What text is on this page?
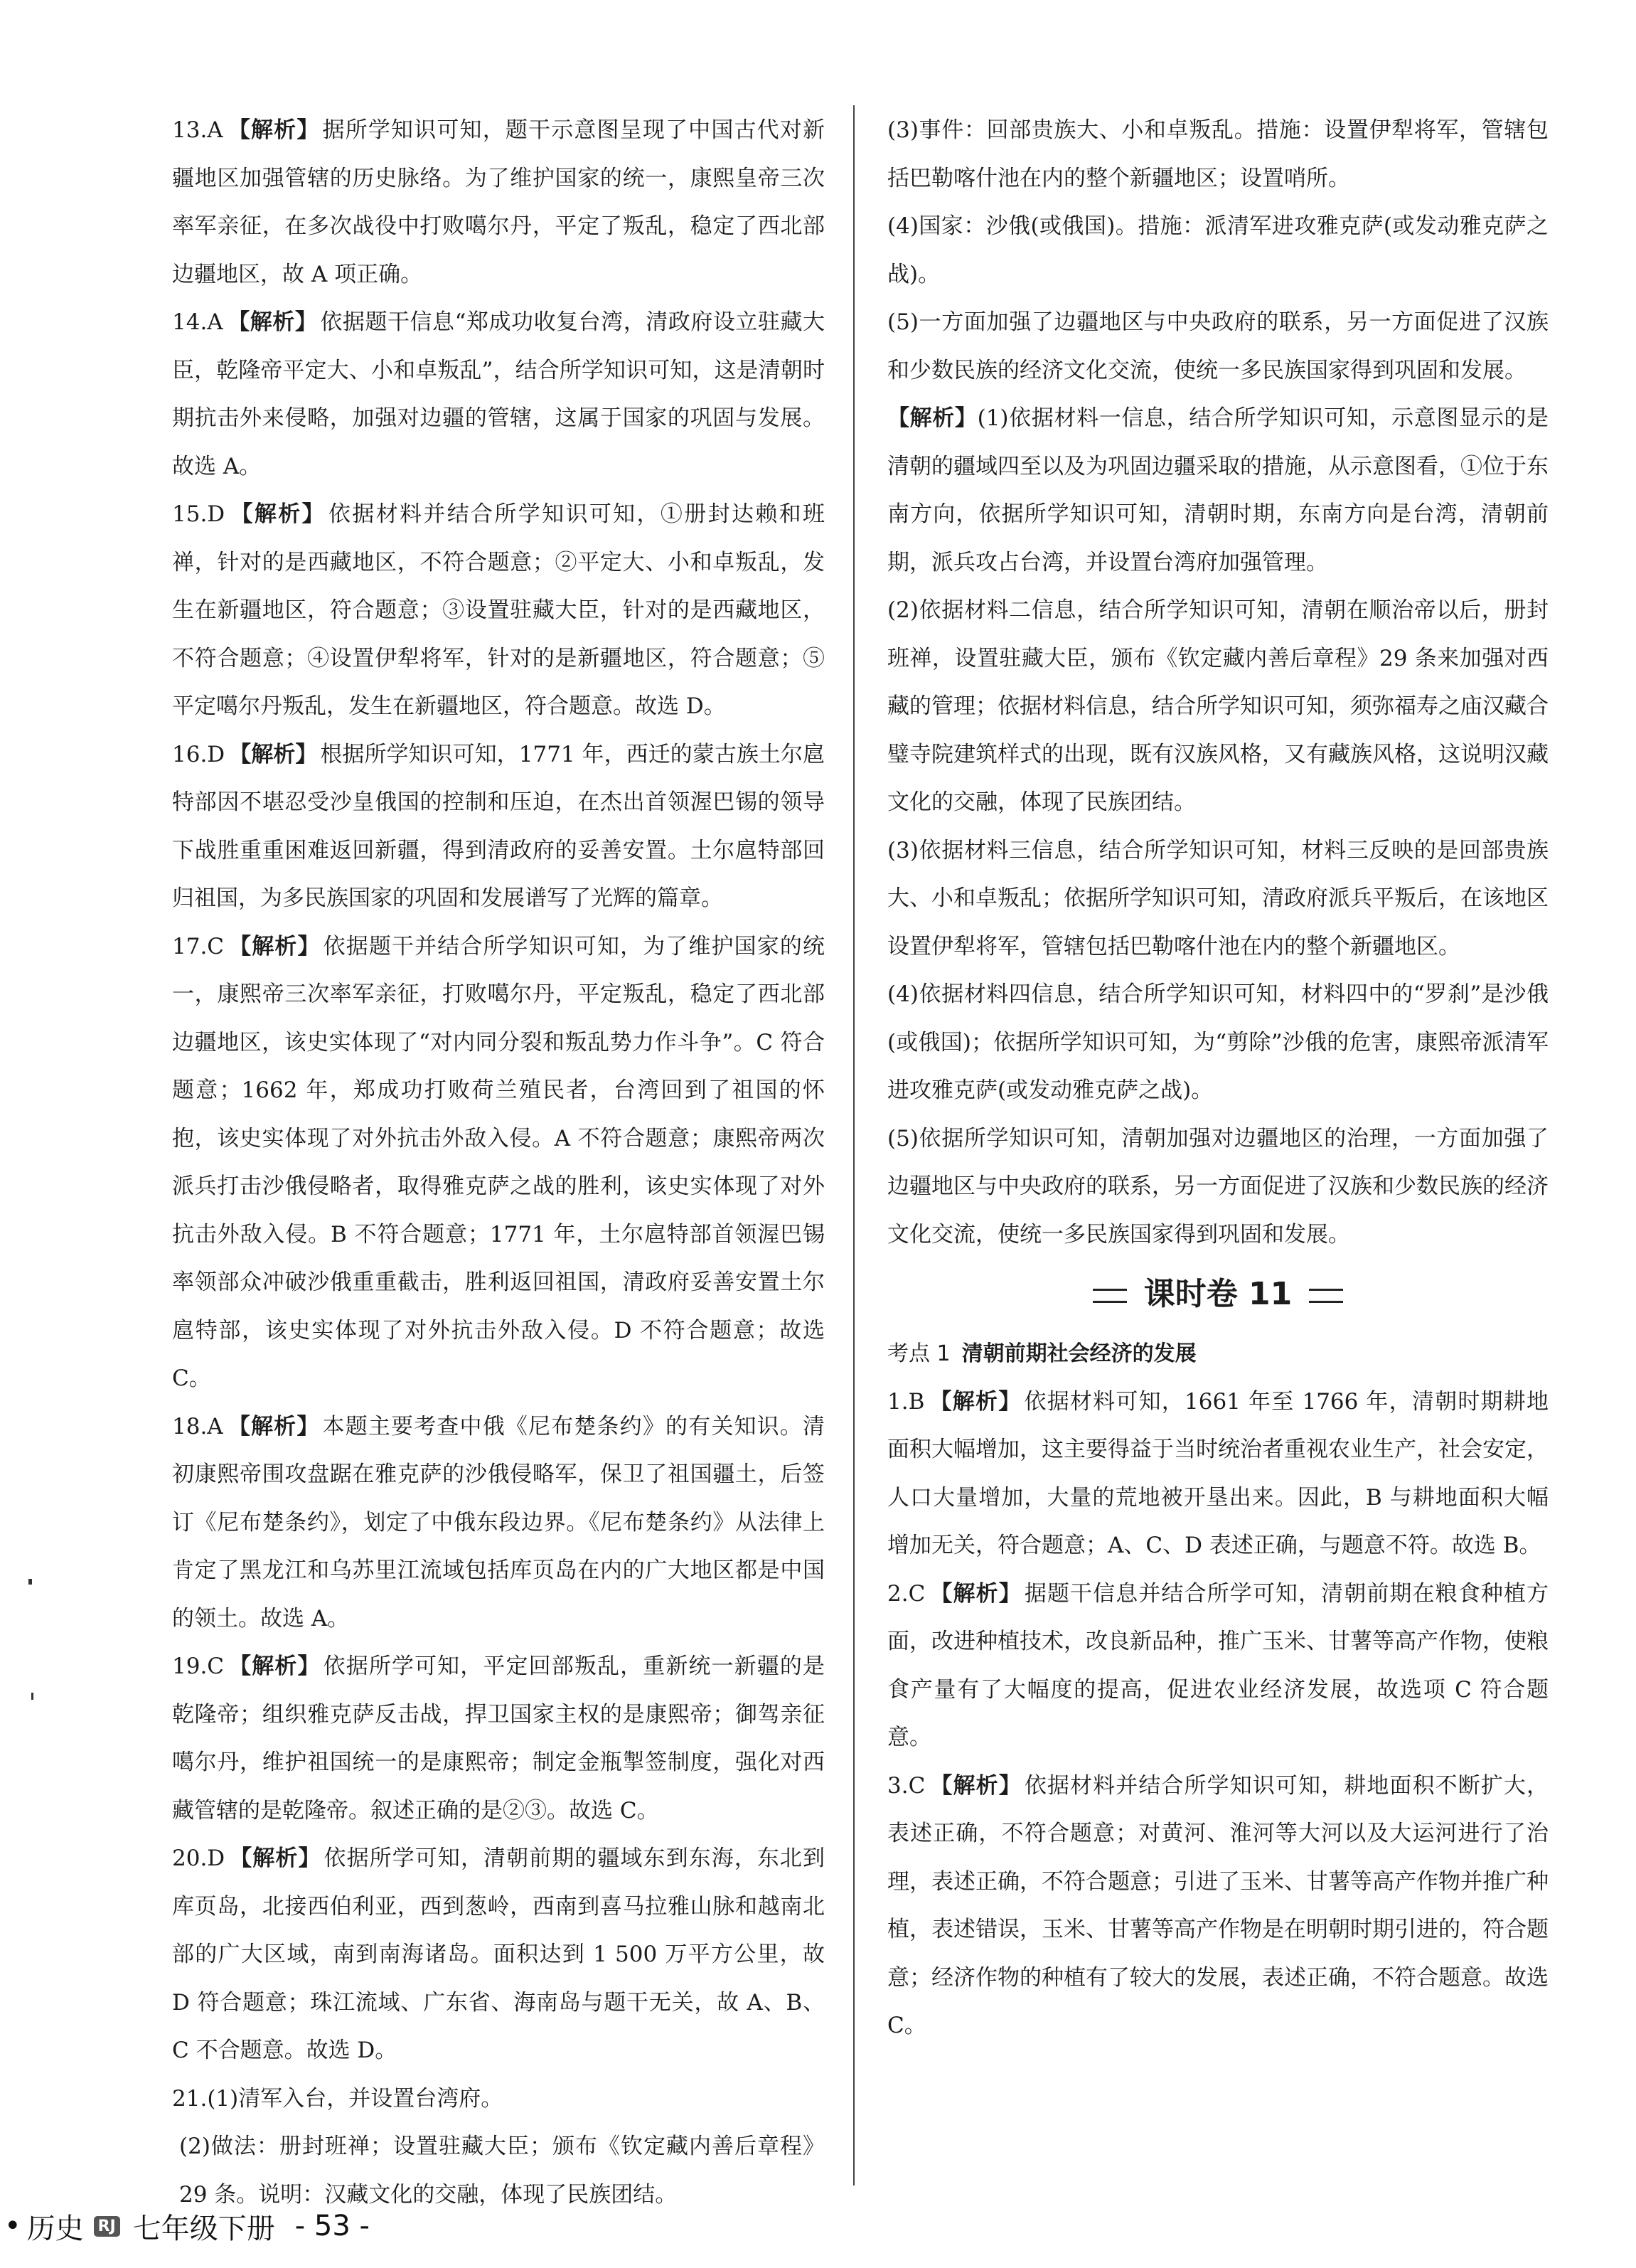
13.A 【解析】 据所学知识可知，题干示意图呈现了中国古代对新疆地区加强管辖的历史脉络。为了维护国家的统一，康熙皇帝三次率军亲征，在多次战役中打败噶尔丹，平定了叛乱，稳定了西北部边疆地区，故 A 项正确。

14.A 【解析】 依据题干信息“郑成功收复台湾，清政府设立驻藏大臣，乾隆帝平定大、小和卓叛乱”，结合所学知识可知，这是清朝时期抗击外来侵略，加强对边疆的管辖，这属于国家的巩固与发展。故选 A。

15.D 【解析】 依据材料并结合所学知识可知，①册封达赖和班禅，针对的是西藏地区，不符合题意；②平定大、小和卓叛乱，发生在新疆地区，符合题意；③设置驻藏大臣，针对的是西藏地区，不符合题意；④设置伊犁将军，针对的是新疆地区，符合题意；⑤平定噶尔丹叛乱，发生在新疆地区，符合题意。故选 D。

16.D 【解析】 根据所学知识可知，1771 年，西迁的蒙古族土尔扈特部因不堪忍受沙皇俄国的控制和压迫，在杰出首领渥巴锡的领导下战胜重重困难返回新疆，得到清政府的妥善安置。土尔扈特部回归祖国，为多民族国家的巩固和发展谱写了光辉的篇章。

17.C 【解析】 依据题干并结合所学知识可知，为了维护国家的统一，康熙帝三次率军亲征，打败噶尔丹，平定叛乱，稳定了西北部边疆地区，该史实体现了“对内同分裂和叛乱势力作斗争”。C 符合题意；1662 年，郑成功打败荷兰殖民者，台湾回到了祖国的怀抱，该史实体现了对外抗击外敌入侵。A 不符合题意；康熙帝两次派兵打击沙俄侵略者，取得雅克萨之战的胜利，该史实体现了对外抗击外敌入侵。B 不符合题意；1771 年，土尔扈特部首领渥巴锡率领部众冲破沙俄重重截击，胜利返回祖国，清政府妥善安置土尔扈特部，该史实体现了对外抗击外敌入侵。D 不符合题意；故选 C。

18.A 【解析】 本题主要考查中俄《尼布楚条约》的有关知识。清初康熙帝围攻盘踞在雅克萨的沙俄侵略军，保卫了祖国疆土，后签订《尼布楚条约》，划定了中俄东段边界。《尼布楚条约》从法律上肯定了黑龙江和乌苏里江流域包括库页岛在内的广大地区都是中国的领土。故选 A。

19.C 【解析】 依据所学可知，平定回部叛乱，重新统一新疆的是乾隆帝；组织雅克萨反击战，捍卫国家主权的是康熙帝；御驾亲征噶尔丹，维护祖国统一的是康熙帝；制定金瓶掣签制度，强化对西藏管辖的是乾隆帝。叙述正确的是②③。故选 C。

20.D 【解析】 依据所学可知，清朝前期的疆域东到东海，东北到库页岛，北接西伯利亚，西到葱岭，西南到喜马拉雅山脉和越南北部的广大区域，南到南海诸岛。面积达到 1 500 万平方公里，故 D 符合题意；珠江流域、广东省、海南岛与题干无关，故 A、B、C 不合题意。故选 D。

21.(1)清军入台，并设置台湾府。

(2)做法：册封班禅；设置驻藏大臣；颁布《钦定藏内善后章程》29 条。说明：汉藏文化的交融，体现了民族团结。

(3)事件：回部贵族大、小和卓叛乱。措施：设置伊犁将军，管辖包括巴勒喀什池在内的整个新疆地区；设置哨所。

(4)国家：沙俄(或俄国)。措施：派清军进攻雅克萨(或发动雅克萨之战)。

(5)一方面加强了边疆地区与中央政府的联系，另一方面促进了汉族和少数民族的经济文化交流，使统一多民族国家得到巩固和发展。

【解析】(1)依据材料一信息，结合所学知识可知，示意图显示的是清朝的疆域四至以及为巩固边疆采取的措施，从示意图看，①位于东南方向，依据所学知识可知，清朝时期，东南方向是台湾，清朝前期，派兵攻占台湾，并设置台湾府加强管理。

(2)依据材料二信息，结合所学知识可知，清朝在顺治帝以后，册封班禅，设置驻藏大臣，颁布《钦定藏内善后章程》29 条来加强对西藏的管理；依据材料信息，结合所学知识可知，须弥福寿之庙汉藏合璧寺院建筑样式的出现，既有汉族风格，又有藏族风格，这说明汉藏文化的交融，体现了民族团结。

(3)依据材料三信息，结合所学知识可知，材料三反映的是回部贵族大、小和卓叛乱；依据所学知识可知，清政府派兵平叛后，在该地区设置伊犁将军，管辖包括巴勒喀什池在内的整个新疆地区。

(4)依据材料四信息，结合所学知识可知，材料四中的“罗刹”是沙俄(或俄国)；依据所学知识可知，为“剪除”沙俄的危害，康熙帝派清军进攻雅克萨(或发动雅克萨之战)。

(5)依据所学知识可知，清朝加强对边疆地区的治理，一方面加强了边疆地区与中央政府的联系，另一方面促进了汉族和少数民族的经济文化交流，使统一多民族国家得到巩固和发展。

课时卷 11

考点 1 清朝前期社会经济的发展

1.B 【解析】 依据材料可知，1661 年至 1766 年，清朝时期耕地面积大幅增加，这主要得益于当时统治者重视农业生产，社会安定，人口大量增加，大量的荒地被开垦出来。因此，B 与耕地面积大幅增加无关，符合题意；A、C、D 表述正确，与题意不符。故选 B。

2.C 【解析】 据题干信息并结合所学可知，清朝前期在粮食种植方面，改进种植技术，改良新品种，推广玉米、甘薯等高产作物，使粮食产量有了大幅度的提高，促进农业经济发展，故选项 C 符合题意。

3.C 【解析】 依据材料并结合所学知识可知，耕地面积不断扩大，表述正确，不符合题意；对黄河、淮河等大河以及大运河进行了治理，表述正确，不符合题意；引进了玉米、甘薯等高产作物并推广种植，表述错误，玉米、甘薯等高产作物是在明朝时期引进的，符合题意；经济作物的种植有了较大的发展，表述正确，不符合题意。故选 C。

• 历史 RJ 七年级下册 - 53 -
